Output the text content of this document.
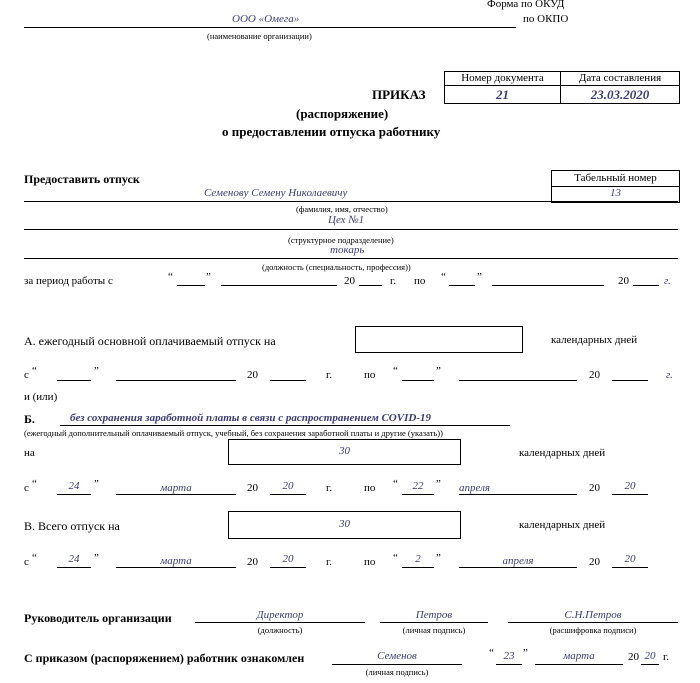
Форма по ОКУД
по ОКПО
ООО «Омега»
(наименование организации)
Номер документа	Дата составления
21	23.03.2020
ПРИКАЗ
(распоряжение)
о предоставлении отпуска работнику
Предоставить отпуск	Табельный номер
13
Семенову Семену Николаевичу
(фамилия, имя, отчество)
Цех №1
(структурное подразделение)
токарь
(должность (специальность, профессия))
за период работы с	“	”	20	г. по “	”	20	г.
А. ежегодный основной оплачиваемый отпуск на	календарных дней
с “	”	20	г.	по “	”	20	г.
и (или)
Б.	без сохранения заработной платы в связи с распространением COVID-19
(ежегодный дополнительный оплачиваемый отпуск, учебный, без сохранения заработной платы и другие (указать))
на	30	календарных дней
с “	24	”	марта	20	20	г.	по “	22	” апреля	20	20
В. Всего отпуск на	30	календарных дней
с “	24	”	марта	20	20	г.	по “	2	”	апреля	20	20
Руководитель организации	Директор
(должность)
Петров
(личная подпись)
С.Н.Петров
(расшифровка подписи)
С приказом (распоряжением) работник ознакомлен	Семенов
(личная подпись)
“ 23 ”	марта	20 20 г.
